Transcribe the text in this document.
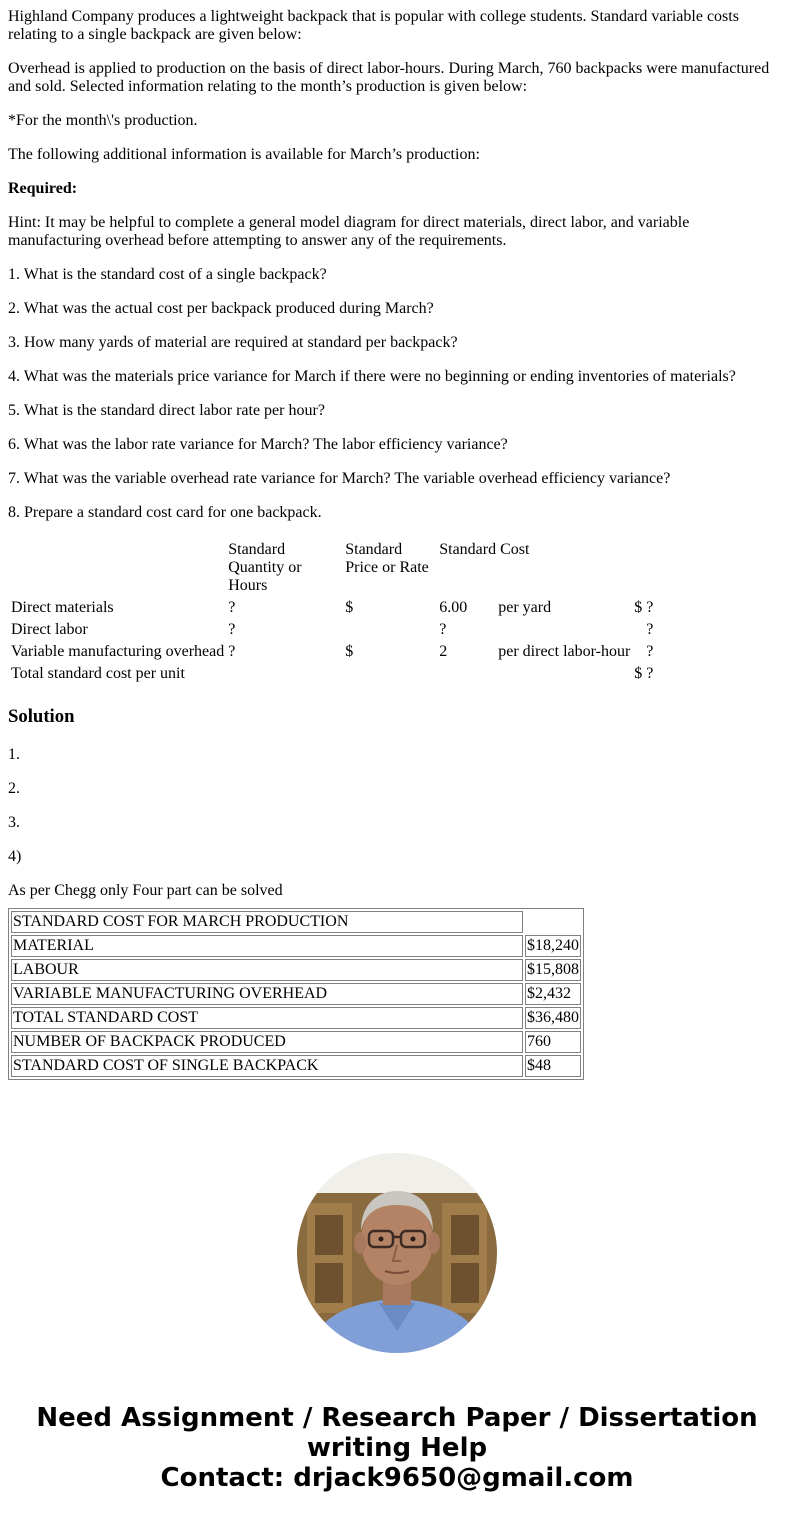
Highland Company produces a lightweight backpack that is popular with college students. Standard variable costs relating to a single backpack are given below:

Overhead is applied to production on the basis of direct labor-hours. During March, 760 backpacks were manufactured and sold. Selected information relating to the month’s production is given below:

*For the month\'s production.

The following additional information is available for March’s production:

Required:

Hint: It may be helpful to complete a general model diagram for direct materials, direct labor, and variable manufacturing overhead before attempting to answer any of the requirements.

1. What is the standard cost of a single backpack?

2. What was the actual cost per backpack produced during March?

3. How many yards of material are required at standard per backpack?

4. What was the materials price variance for March if there were no beginning or ending inventories of materials?

5. What is the standard direct labor rate per hour?

6. What was the labor rate variance for March? The labor efficiency variance?

7. What was the variable overhead rate variance for March? The variable overhead efficiency variance?

8. Prepare a standard cost card for one backpack.

	Standard Quantity or Hours	Standard Price or Rate	Standard Cost			
Direct materials	?	$	6.00	per yard	$	?
Direct labor	?		?			?
Variable manufacturing overhead	?	$	2	per direct labor-hour		?
Total standard cost per unit					$	?
Solution

1.

2.

3.

4)

As per Chegg only Four part can be solved

STANDARD COST FOR MARCH PRODUCTION	
MATERIAL	$18,240
LABOUR	$15,808
VARIABLE MANUFACTURING OVERHEAD	$2,432
TOTAL STANDARD COST	$36,480
NUMBER OF BACKPACK PRODUCED	760
STANDARD COST OF SINGLE BACKPACK	$48
Need Assignment / Research Paper / Dissertation
writing Help
Contact: drjack9650@gmail.com
